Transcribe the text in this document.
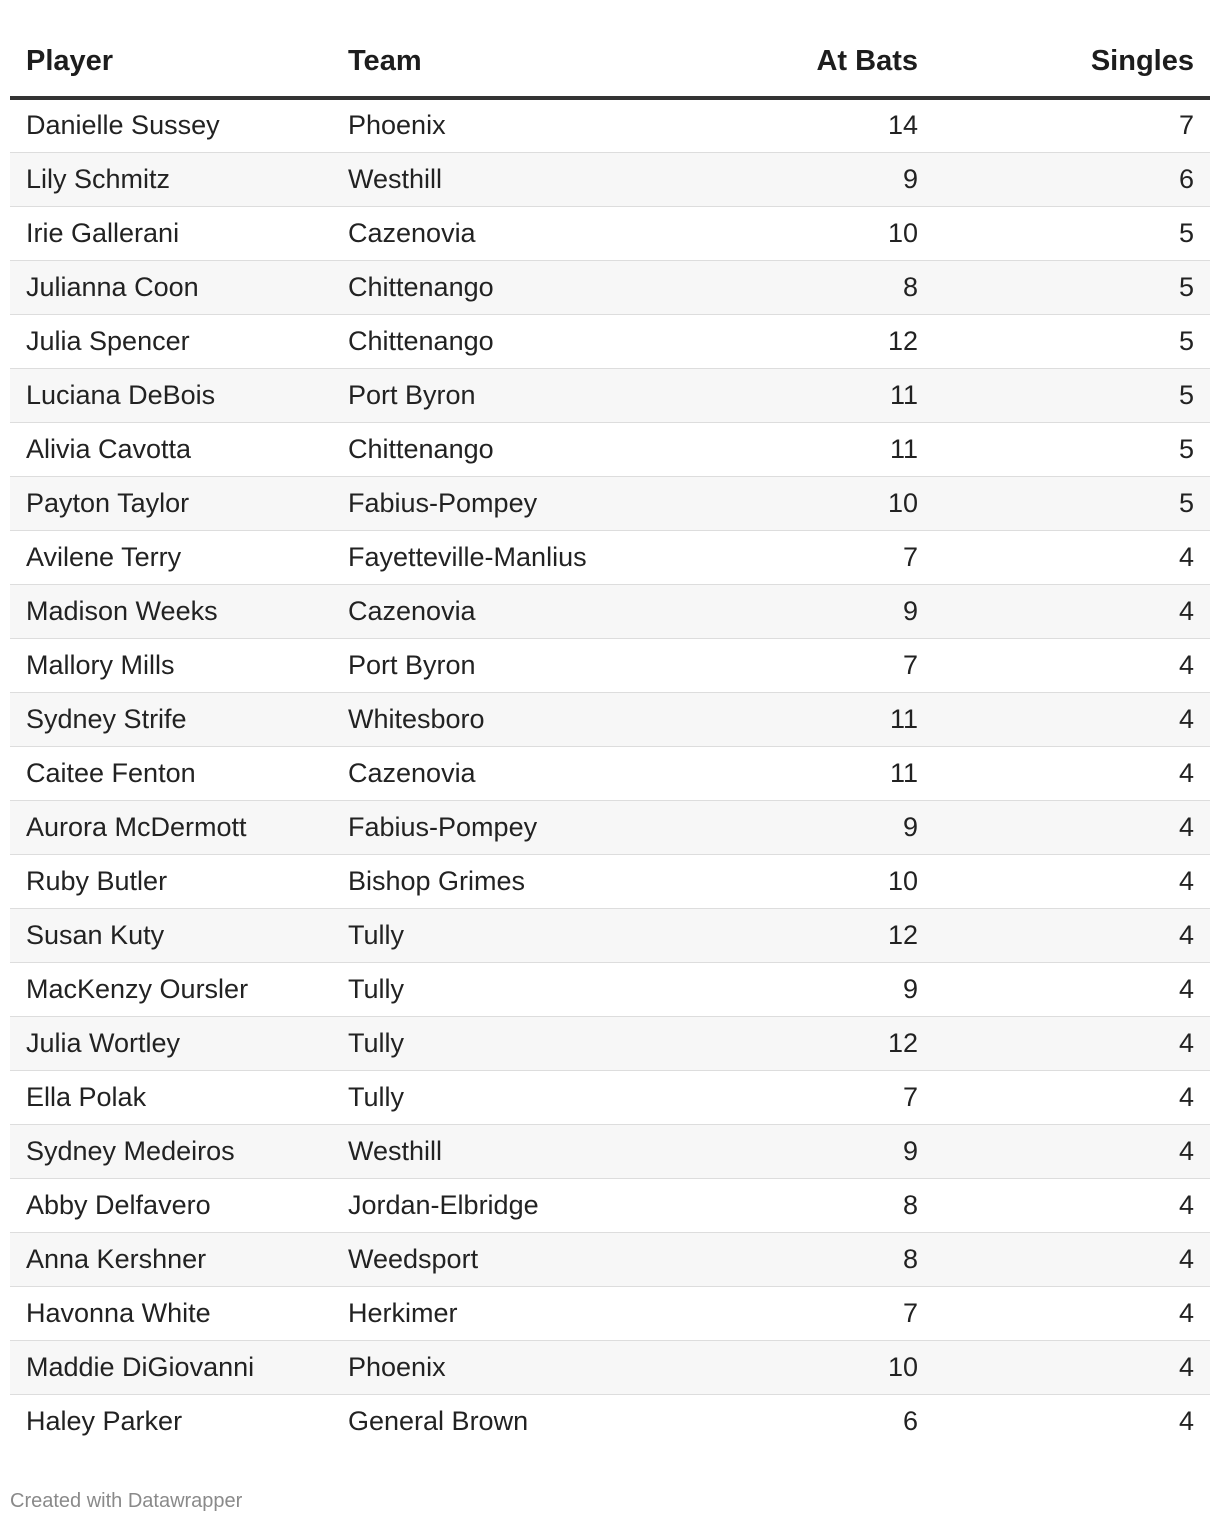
Player	Team	At Bats	Singles
Danielle Sussey	Phoenix	14	7
Lily Schmitz	Westhill	9	6
Irie Gallerani	Cazenovia	10	5
Julianna Coon	Chittenango	8	5
Julia Spencer	Chittenango	12	5
Luciana DeBois	Port Byron	11	5
Alivia Cavotta	Chittenango	11	5
Payton Taylor	Fabius-Pompey	10	5
Avilene Terry	Fayetteville-Manlius	7	4
Madison Weeks	Cazenovia	9	4
Mallory Mills	Port Byron	7	4
Sydney Strife	Whitesboro	11	4
Caitee Fenton	Cazenovia	11	4
Aurora McDermott	Fabius-Pompey	9	4
Ruby Butler	Bishop Grimes	10	4
Susan Kuty	Tully	12	4
MacKenzy Oursler	Tully	9	4
Julia Wortley	Tully	12	4
Ella Polak	Tully	7	4
Sydney Medeiros	Westhill	9	4
Abby Delfavero	Jordan-Elbridge	8	4
Anna Kershner	Weedsport	8	4
Havonna White	Herkimer	7	4
Maddie DiGiovanni	Phoenix	10	4
Haley Parker	General Brown	6	4
Created with Datawrapper
